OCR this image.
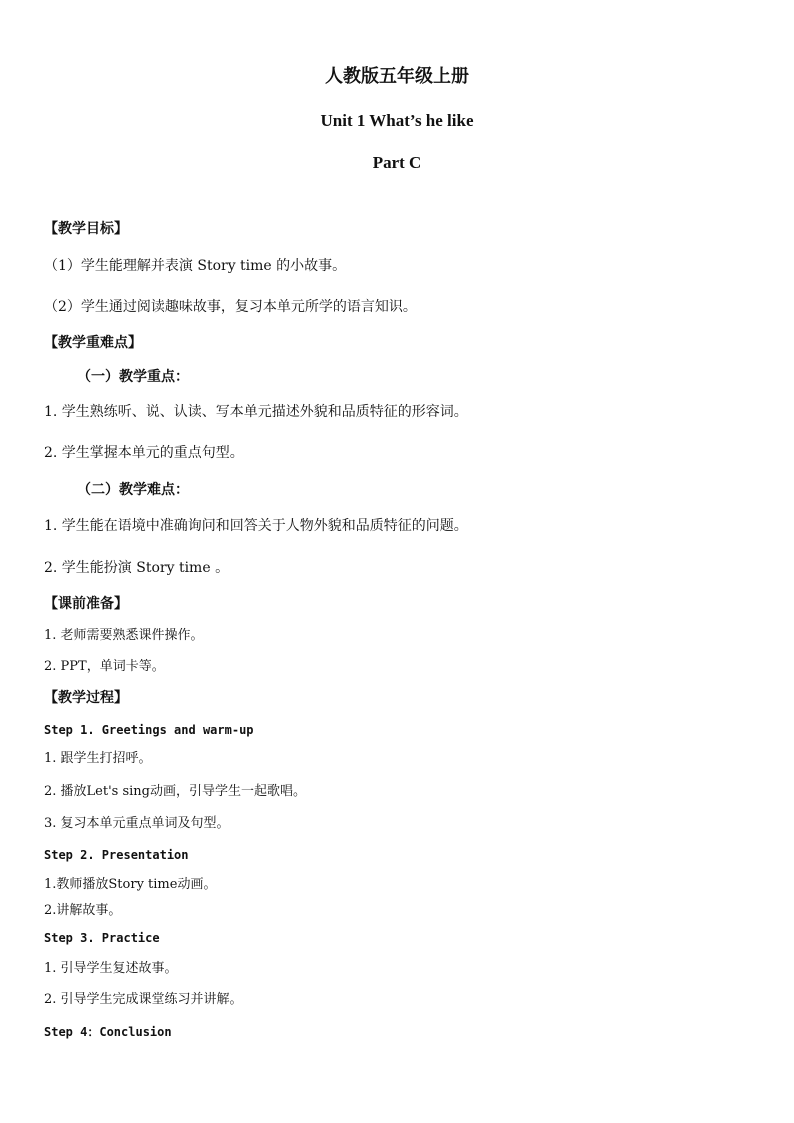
人教版五年级上册
Unit 1 What’s he like
Part C
【教学目标】
（1）学生能理解并表演 Story time 的小故事。
（2）学生通过阅读趣味故事，复习本单元所学的语言知识。
【教学重难点】
（一）教学重点：
1. 学生熟练听、说、认读、写本单元描述外貌和品质特征的形容词。
2. 学生掌握本单元的重点句型。
（二）教学难点：
1. 学生能在语境中准确询问和回答关于人物外貌和品质特征的问题。
2. 学生能扮演 Story time 。
【课前准备】
1. 老师需要熟悉课件操作。
2. PPT，单词卡等。
【教学过程】
Step 1. Greetings and warm-up
1. 跟学生打招呼。
2. 播放Let's sing动画，引导学生一起歌唱。
3. 复习本单元重点单词及句型。
Step 2. Presentation
1.教师播放Story time动画。
2.讲解故事。
Step 3. Practice
1. 引导学生复述故事。
2. 引导学生完成课堂练习并讲解。
Step 4：Conclusion
